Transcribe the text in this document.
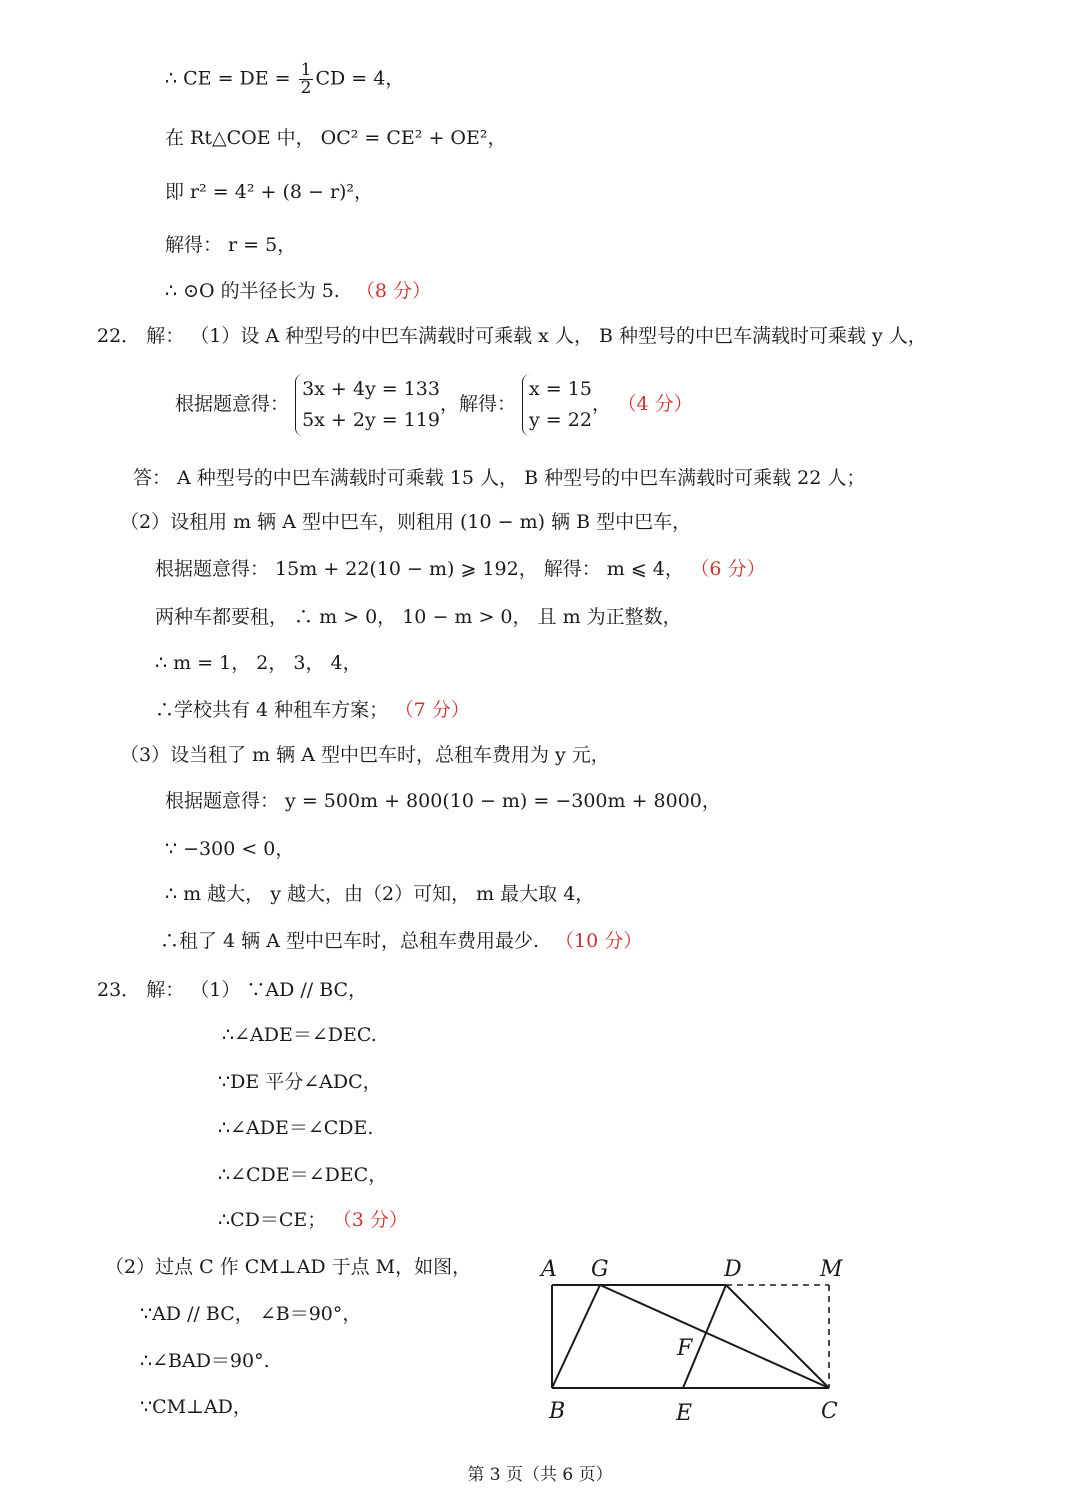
∴ CE = DE = $\frac{1}{2}$ CD = 4，
在 Rt△COE 中， OC² = CE² + OE²，
即 r² = 4² + (8 − r)²，
解得： r = 5，
∴ ⊙O 的半径长为 5. （8 分）
22． 解： （1）设 A 种型号的中巴车满载时可乘载 x 人， B 种型号的中巴车满载时可乘载 y 人，
根据题意得：
3x + 4y = 133
5x + 2y = 119
，解得：
x = 15
y = 22
， （4 分）
答： A 种型号的中巴车满载时可乘载 15 人， B 种型号的中巴车满载时可乘载 22 人；
（2）设租用 m 辆 A 型中巴车，则租用 (10 − m) 辆 B 型中巴车，
根据题意得： 15m + 22(10 − m) ⩾ 192， 解得： m ⩽ 4， （6 分）
两种车都要租， ∴ m > 0， 10 − m > 0， 且 m 为正整数，
∴ m = 1， 2， 3， 4，
∴学校共有 4 种租车方案； （7 分）
（3）设当租了 m 辆 A 型中巴车时，总租车费用为 y 元，
根据题意得： y = 500m + 800(10 − m) = −300m + 8000，
∵ −300 < 0，
∴ m 越大， y 越大，由（2）可知， m 最大取 4，
∴租了 4 辆 A 型中巴车时，总租车费用最少. （10 分）
23． 解： （1） ∵AD // BC，
∴∠ADE＝∠DEC.
∵DE 平分∠ADC，
∴∠ADE＝∠CDE.
∴∠CDE＝∠DEC，
∴CD＝CE； （3 分）
（2）过点 C 作 CM⊥AD 于点 M，如图，
∵AD // BC， ∠B＝90°，
∴∠BAD＝90°.
∵CM⊥AD，
A G	D	M
F
B	E	C
第 3 页（共 6 页）
